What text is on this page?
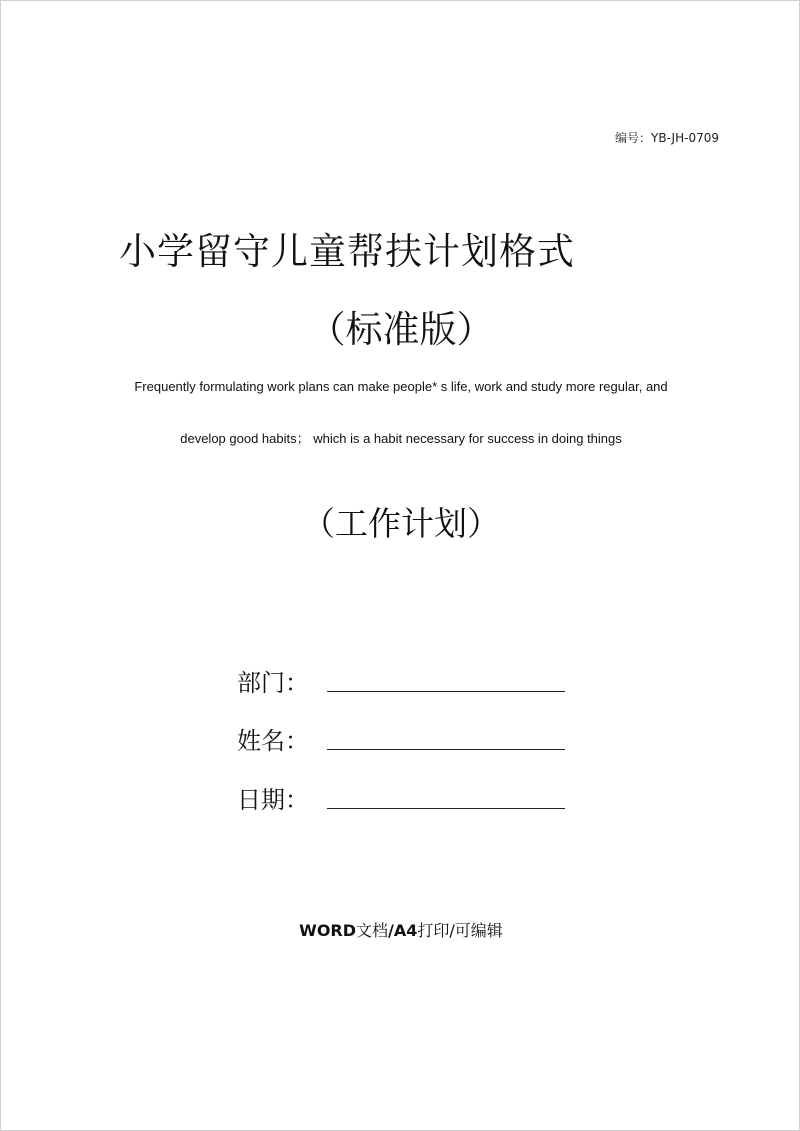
编号：YB-JH-0709
小学留守儿童帮扶计划格式
（标准版）
Frequently formulating work plans can make people* s life, work and study more regular, and
develop good habits； which is a habit necessary for success in doing things
（工作计划）
部门：
姓名：
日期：
WORD文档/A4打印/可编辑
